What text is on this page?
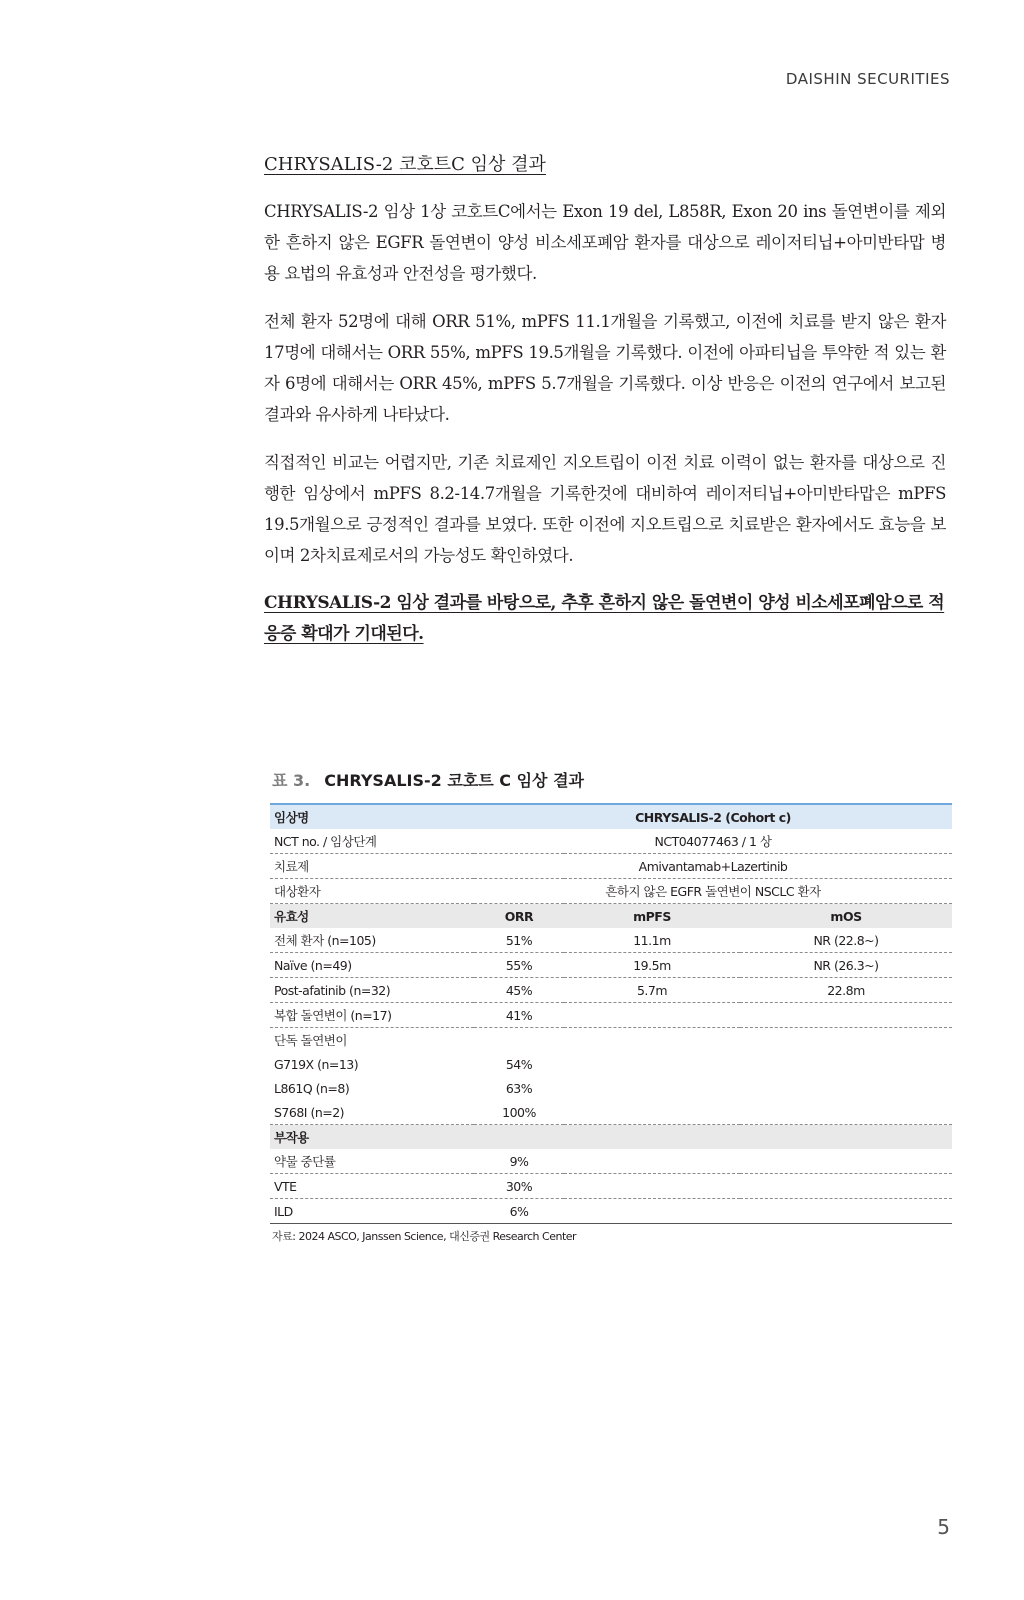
DAISHIN SECURITIES

CHRYSALIS-2 코호트C 임상 결과

CHRYSALIS-2 임상 1상 코호트C에서는 Exon 19 del, L858R, Exon 20 ins 돌연변이를 제외한 흔하지 않은 EGFR 돌연변이 양성 비소세포폐암 환자를 대상으로 레이저티닙+아미반타맙 병용 요법의 유효성과 안전성을 평가했다.

전체 환자 52명에 대해 ORR 51%, mPFS 11.1개월을 기록했고, 이전에 치료를 받지 않은 환자 17명에 대해서는 ORR 55%, mPFS 19.5개월을 기록했다. 이전에 아파티닙을 투약한 적 있는 환자 6명에 대해서는 ORR 45%, mPFS 5.7개월을 기록했다. 이상 반응은 이전의 연구에서 보고된 결과와 유사하게 나타났다.

직접적인 비교는 어렵지만, 기존 치료제인 지오트립이 이전 치료 이력이 없는 환자를 대상으로 진행한 임상에서 mPFS 8.2-14.7개월을 기록한것에 대비하여 레이저티닙+아미반타맙은 mPFS 19.5개월으로 긍정적인 결과를 보였다. 또한 이전에 지오트립으로 치료받은 환자에서도 효능을 보이며 2차치료제로서의 가능성도 확인하였다.

CHRYSALIS-2 임상 결과를 바탕으로, 추후 흔하지 않은 돌연변이 양성 비소세포폐암으로 적응증 확대가 기대된다.

표 3. CHRYSALIS-2 코호트 C 임상 결과

임상명	CHRYSALIS-2 (Cohort c)		
NCT no. / 임상단계	NCT04077463 / 1 상		
치료제	Amivantamab+Lazertinib		
대상환자	흔하지 않은 EGFR 돌연변이 NSCLC 환자		
유효성	ORR	mPFS	mOS
전체 환자 (n=105)	51%	11.1m	NR (22.8~)
Naïve (n=49)	55%	19.5m	NR (26.3~)
Post-afatinib (n=32)	45%	5.7m	22.8m
복합 돌연변이 (n=17)	41%		
단독 돌연변이			
G719X (n=13)	54%		
L861Q (n=8)	63%		
S768I (n=2)	100%		
부작용			
약물 중단률	9%		
VTE	30%		
ILD	6%		

자료: 2024 ASCO, Janssen Science, 대신증권 Research Center

5
